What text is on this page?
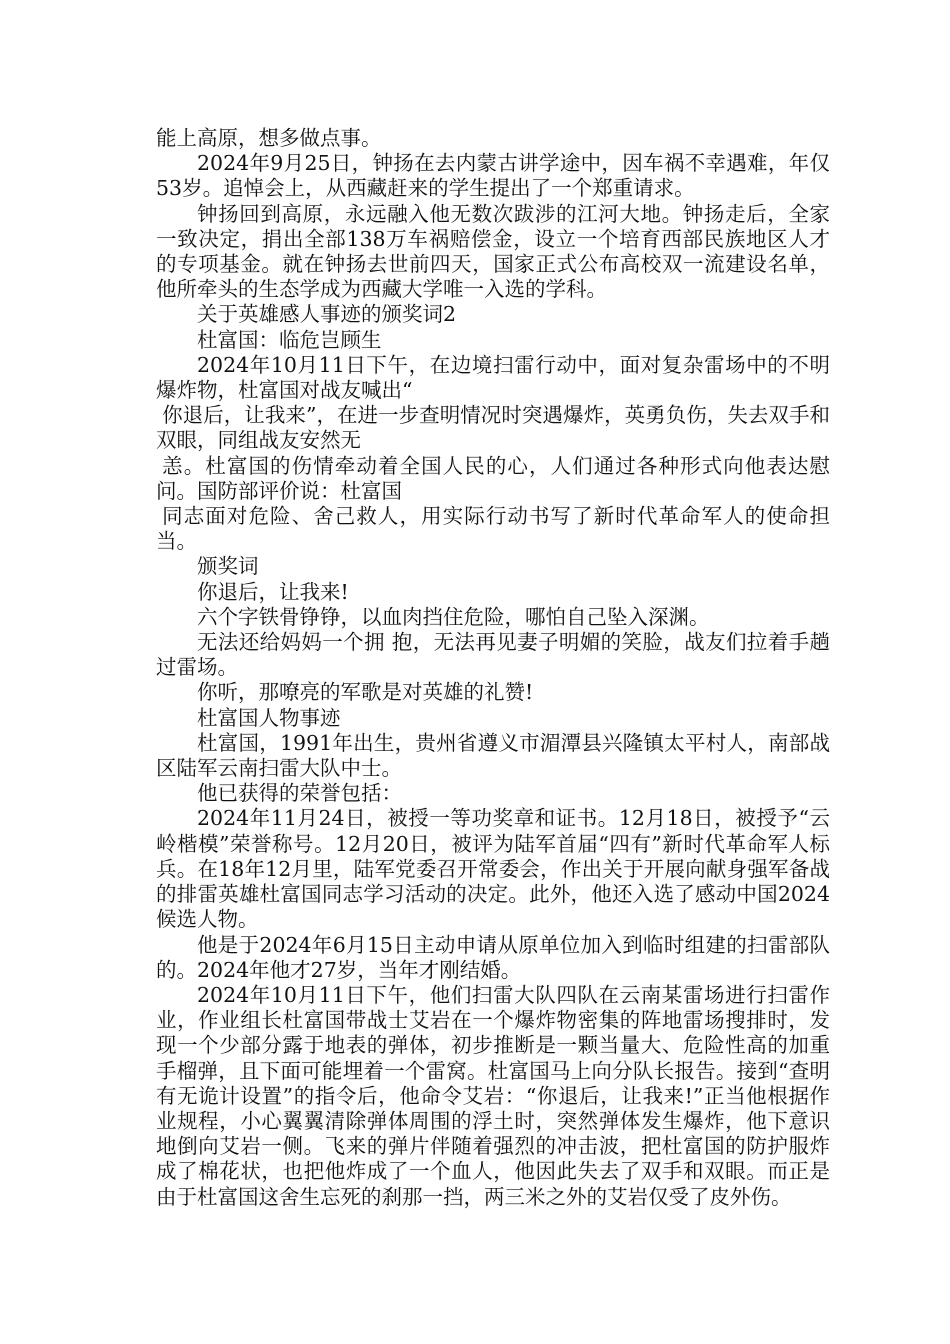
能上高原，想多做点事。

2024年9月25日，钟扬在去内蒙古讲学途中，因车祸不幸遇难，年仅53岁。追悼会上，从西藏赶来的学生提出了一个郑重请求。

钟扬回到高原，永远融入他无数次跋涉的江河大地。钟扬走后，全家一致决定，捐出全部138万车祸赔偿金，设立一个培育西部民族地区人才的专项基金。就在钟扬去世前四天，国家正式公布高校双一流建设名单，他所牵头的生态学成为西藏大学唯一入选的学科。

关于英雄感人事迹的颁奖词2

杜富国：临危岂顾生

2024年10月11日下午，在边境扫雷行动中，面对复杂雷场中的不明爆炸物，杜富国对战友喊出“

你退后，让我来”，在进一步查明情况时突遇爆炸，英勇负伤，失去双手和双眼，同组战友安然无

恙。杜富国的伤情牵动着全国人民的心，人们通过各种形式向他表达慰问。国防部评价说：杜富国

同志面对危险、舍己救人，用实际行动书写了新时代革命军人的使命担当。

颁奖词

你退后，让我来!

六个字铁骨铮铮，以血肉挡住危险，哪怕自己坠入深渊。

无法还给妈妈一个拥 抱，无法再见妻子明媚的笑脸，战友们拉着手趟过雷场。

你听，那嘹亮的军歌是对英雄的礼赞!

杜富国人物事迹

杜富国，1991年出生，贵州省遵义市湄潭县兴隆镇太平村人，南部战区陆军云南扫雷大队中士。

他已获得的荣誉包括：

2024年11月24日，被授一等功奖章和证书。12月18日，被授予“云岭楷模”荣誉称号。12月20日，被评为陆军首届“四有”新时代革命军人标兵。在18年12月里，陆军党委召开常委会，作出关于开展向献身强军备战的排雷英雄杜富国同志学习活动的决定。此外，他还入选了感动中国2024候选人物。

他是于2024年6月15日主动申请从原单位加入到临时组建的扫雷部队的。2024年他才27岁，当年才刚结婚。

2024年10月11日下午，他们扫雷大队四队在云南某雷场进行扫雷作业，作业组长杜富国带战士艾岩在一个爆炸物密集的阵地雷场搜排时，发现一个少部分露于地表的弹体，初步推断是一颗当量大、危险性高的加重手榴弹，且下面可能埋着一个雷窝。杜富国马上向分队长报告。接到“查明有无诡计设置”的指令后，他命令艾岩：“你退后，让我来!”正当他根据作业规程，小心翼翼清除弹体周围的浮土时，突然弹体发生爆炸，他下意识地倒向艾岩一侧。飞来的弹片伴随着强烈的冲击波，把杜富国的防护服炸成了棉花状，也把他炸成了一个血人，他因此失去了双手和双眼。而正是由于杜富国这舍生忘死的刹那一挡，两三米之外的艾岩仅受了皮外伤。
